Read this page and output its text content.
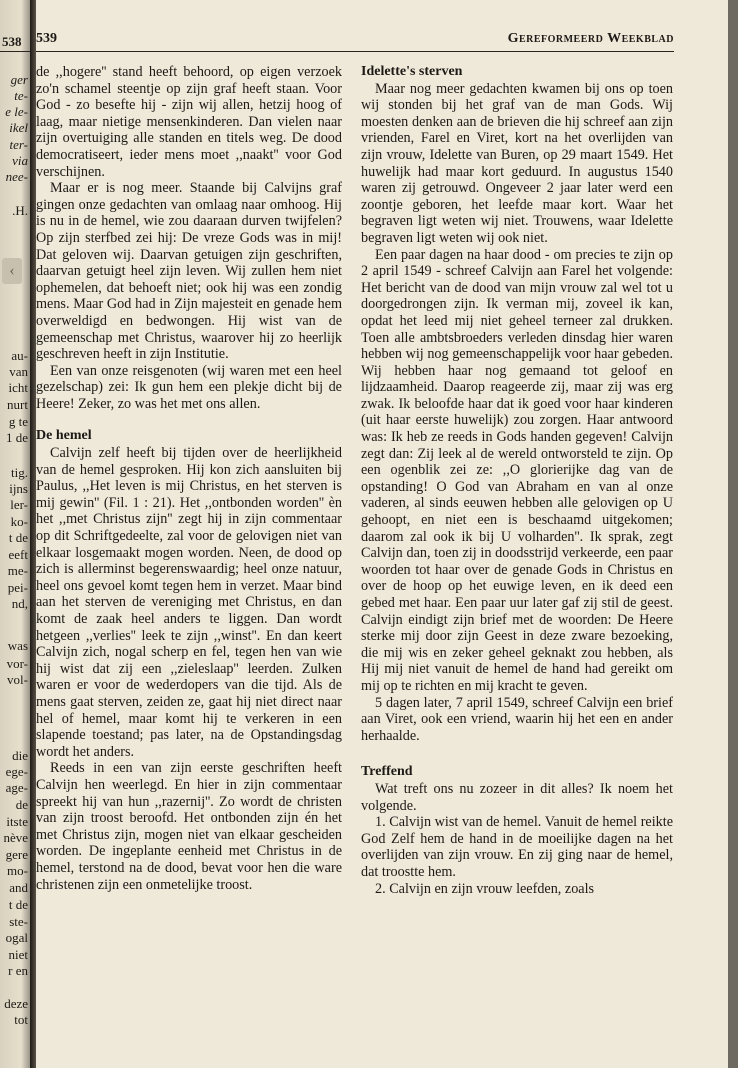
538
ger
te-
e le-
ikel
ter-
via
nee-
.H.
au-
van
icht
nurt
g te
1 de
tig.
ijns
ler-
ko-
t de
eeft
me-
pei-
nd,
was
vor-
vol-
die
ege-
age-
de
itste
nève
gere
mo-
and
t de
ste-
ogal
niet
r en
deze
tot
‹
539	Gereformeerd Weekblad

de ,,hogere'' stand heeft behoord, op eigen verzoek zo'n schamel steentje op zijn graf heeft staan. Voor God - zo besefte hij - zijn wij allen, hetzij hoog of laag, maar nietige mensenkinderen. Dan vielen naar zijn overtuiging alle standen en titels weg. De dood democratiseert, ieder mens moet ,,naakt'' voor God verschijnen.

Maar er is nog meer. Staande bij Calvijns graf gingen onze gedachten van omlaag naar omhoog. Hij is nu in de hemel, wie zou daaraan durven twijfelen? Op zijn sterfbed zei hij: De vreze Gods was in mij! Dat geloven wij. Daarvan getuigen zijn geschriften, daarvan getuigt heel zijn leven. Wij zullen hem niet ophemelen, dat behoeft niet; ook hij was een zondig mens. Maar God had in Zijn majesteit en genade hem overweldigd en bedwongen. Hij wist van de gemeenschap met Christus, waarover hij zo heerlijk geschreven heeft in zijn Institutie.

Een van onze reisgenoten (wij waren met een heel gezelschap) zei: Ik gun hem een plekje dicht bij de Heere! Zeker, zo was het met ons allen.

De hemel

Calvijn zelf heeft bij tijden over de heerlijkheid van de hemel gesproken. Hij kon zich aansluiten bij Paulus, ,,Het leven is mij Christus, en het sterven is mij gewin'' (Fil. 1 : 21). Het ,,ontbonden worden'' èn het ,,met Christus zijn'' zegt hij in zijn commentaar op dit Schriftgedeelte, zal voor de gelovigen niet van elkaar losgemaakt mogen worden. Neen, de dood op zich is allerminst begerenswaardig; heel onze natuur, heel ons gevoel komt tegen hem in verzet. Maar bind aan het sterven de vereniging met Christus, en dan komt de zaak heel anders te liggen. Dan wordt hetgeen ,,verlies'' leek te zijn ,,winst''. En dan keert Calvijn zich, nogal scherp en fel, tegen hen van wie hij wist dat zij een ,,zieleslaap'' leerden. Zulken waren er voor de wederdopers van die tijd. Als de mens gaat sterven, zeiden ze, gaat hij niet direct naar hel of hemel, maar komt hij te verkeren in een slapende toestand; pas later, na de Opstandingsdag wordt het anders.

Reeds in een van zijn eerste geschriften heeft Calvijn hen weerlegd. En hier in zijn commentaar spreekt hij van hun ,,razernij''. Zo wordt de christen van zijn troost beroofd. Het ontbonden zijn én het met Christus zijn, mogen niet van elkaar gescheiden worden. De ingeplante eenheid met Christus in de hemel, terstond na de dood, bevat voor hen die ware christenen zijn een onmetelijke troost.

Idelette's sterven

Maar nog meer gedachten kwamen bij ons op toen wij stonden bij het graf van de man Gods. Wij moesten denken aan de brieven die hij schreef aan zijn vrienden, Farel en Viret, kort na het overlijden van zijn vrouw, Idelette van Buren, op 29 maart 1549. Het huwelijk had maar kort geduurd. In augustus 1540 waren zij getrouwd. Ongeveer 2 jaar later werd een zoontje geboren, het leefde maar kort. Waar het begraven ligt weten wij niet. Trouwens, waar Idelette begraven ligt weten wij ook niet.

Een paar dagen na haar dood - om precies te zijn op 2 april 1549 - schreef Calvijn aan Farel het volgende: Het bericht van de dood van mijn vrouw zal wel tot u doorgedrongen zijn. Ik verman mij, zoveel ik kan, opdat het leed mij niet geheel terneer zal drukken. Toen alle ambtsbroeders verleden dinsdag hier waren hebben wij nog gemeenschappelijk voor haar gebeden. Wij hebben haar nog gemaand tot geloof en lijdzaamheid. Daarop reageerde zij, maar zij was erg zwak. Ik beloofde haar dat ik goed voor haar kinderen (uit haar eerste huwelijk) zou zorgen. Haar antwoord was: Ik heb ze reeds in Gods handen gegeven! Calvijn zegt dan: Zij leek al de wereld ontworsteld te zijn. Op een ogenblik zei ze: ,,O glorierijke dag van de opstanding! O God van Abraham en van al onze vaderen, al sinds eeuwen hebben alle gelovigen op U gehoopt, en niet een is beschaamd uitgekomen; daarom zal ook ik bij U volharden''. Ik sprak, zegt Calvijn dan, toen zij in doodsstrijd verkeerde, een paar woorden tot haar over de genade Gods in Christus en over de hoop op het euwige leven, en ik deed een gebed met haar. Een paar uur later gaf zij stil de geest. Calvijn eindigt zijn brief met de woorden: De Heere sterke mij door zijn Geest in deze zware bezoeking, die mij wis en zeker geheel geknakt zou hebben, als Hij mij niet vanuit de hemel de hand had gereikt om mij op te richten en mij kracht te geven.

5 dagen later, 7 april 1549, schreef Calvijn een brief aan Viret, ook een vriend, waarin hij het een en ander herhaalde.

Treffend

Wat treft ons nu zozeer in dit alles? Ik noem het volgende.

1. Calvijn wist van de hemel. Vanuit de hemel reikte God Zelf hem de hand in de moeilijke dagen na het overlijden van zijn vrouw. En zij ging naar de hemel, dat troostte hem.

2. Calvijn en zijn vrouw leefden, zoals
